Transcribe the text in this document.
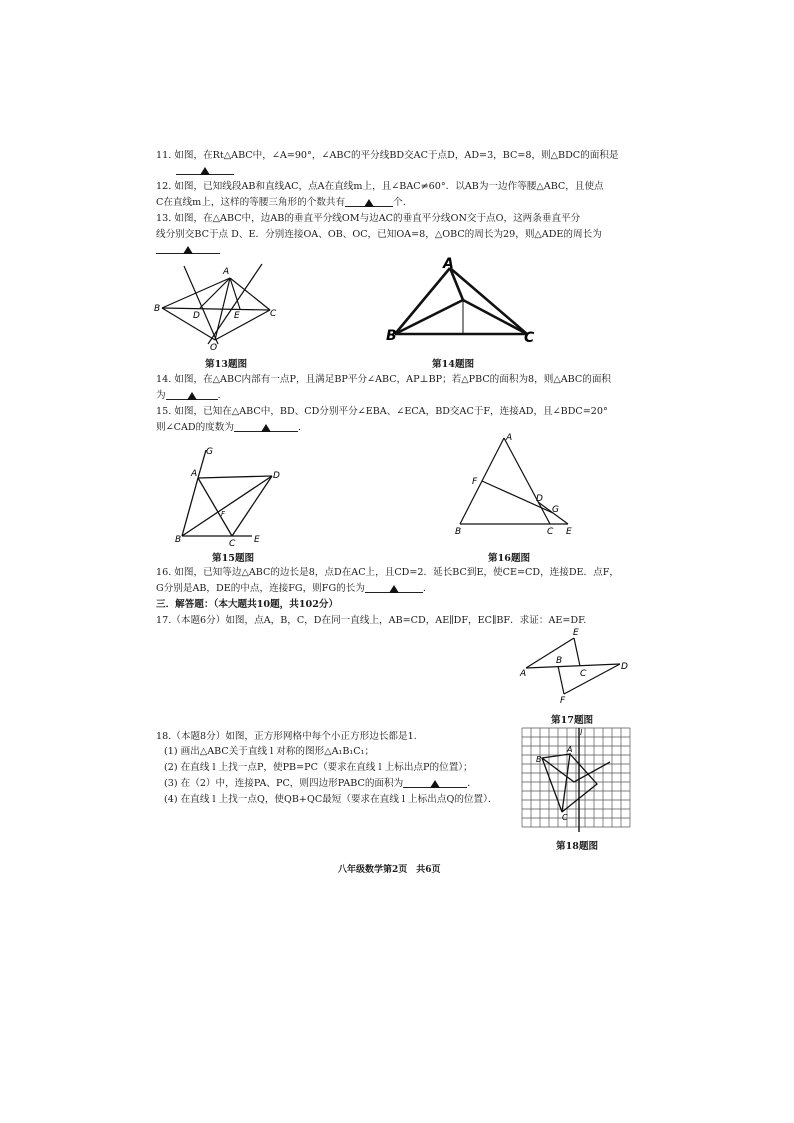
11. 如图，在Rt△ABC中，∠A=90°，∠ABC的平分线BD交AC于点D，AD=3，BC=8，则△BDC的面积是
12. 如图，已知线段AB和直线AC，点A在直线m上，且∠BAC≠60°．以AB为一边作等腰△ABC，且使点
C在直线m上，这样的等腰三角形的个数共有	个.
13. 如图，在△ABC中，边AB的垂直平分线OM与边AC的垂直平分线ON交于点O，这两条垂直平分
线分别交BC于点 D、E．分别连接OA、OB、OC，已知OA=8，△OBC的周长为29，则△ADE的周长为
A
B	C
D	E
O
第13题图
A
B	C
第14题图
14. 如图，在△ABC内部有一点P，且满足BP平分∠ABC，AP⊥BP；若△PBC的面积为8，则△ABC的面积
为	．
15. 如图，已知在△ABC中，BD、CD分别平分∠EBA、∠ECA，BD交AC于F，连接AD，且∠BDC=20°
则∠CAD的度数为	．
G
A	D
B	C E
F
第15题图
A
F
D
G
B	C E
第16题图
16. 如图，已知等边△ABC的边长是8，点D在AC上，且CD=2．延长BC到E，使CE=CD，连接DE．点F，
G分别是AB，DE的中点，连接FG，则FG的长为	．
三．解答题：（本大题共10题，共102分）
17.（本题6分）如图，点A，B，C，D在同一直线上，AB=CD，AE∥DF，EC∥BF．求证：AE=DF.
E
A
B
C
D
F
第17题图
18.（本题8分）如图，正方形网格中每个小正方形边长都是1.
(1) 画出△ABC关于直线 l 对称的图形△A₁B₁C₁；
(2) 在直线 l 上找一点P，使PB=PC（要求在直线 l 上标出点P的位置）；
(3) 在（2）中，连接PA、PC，则四边形PABC的面积为	．
(4) 在直线 l 上找一点Q，使QB+QC最短（要求在直线 l 上标出点Q的位置）．
l
A
B
C
第18题图
八年级数学第2页　共6页
